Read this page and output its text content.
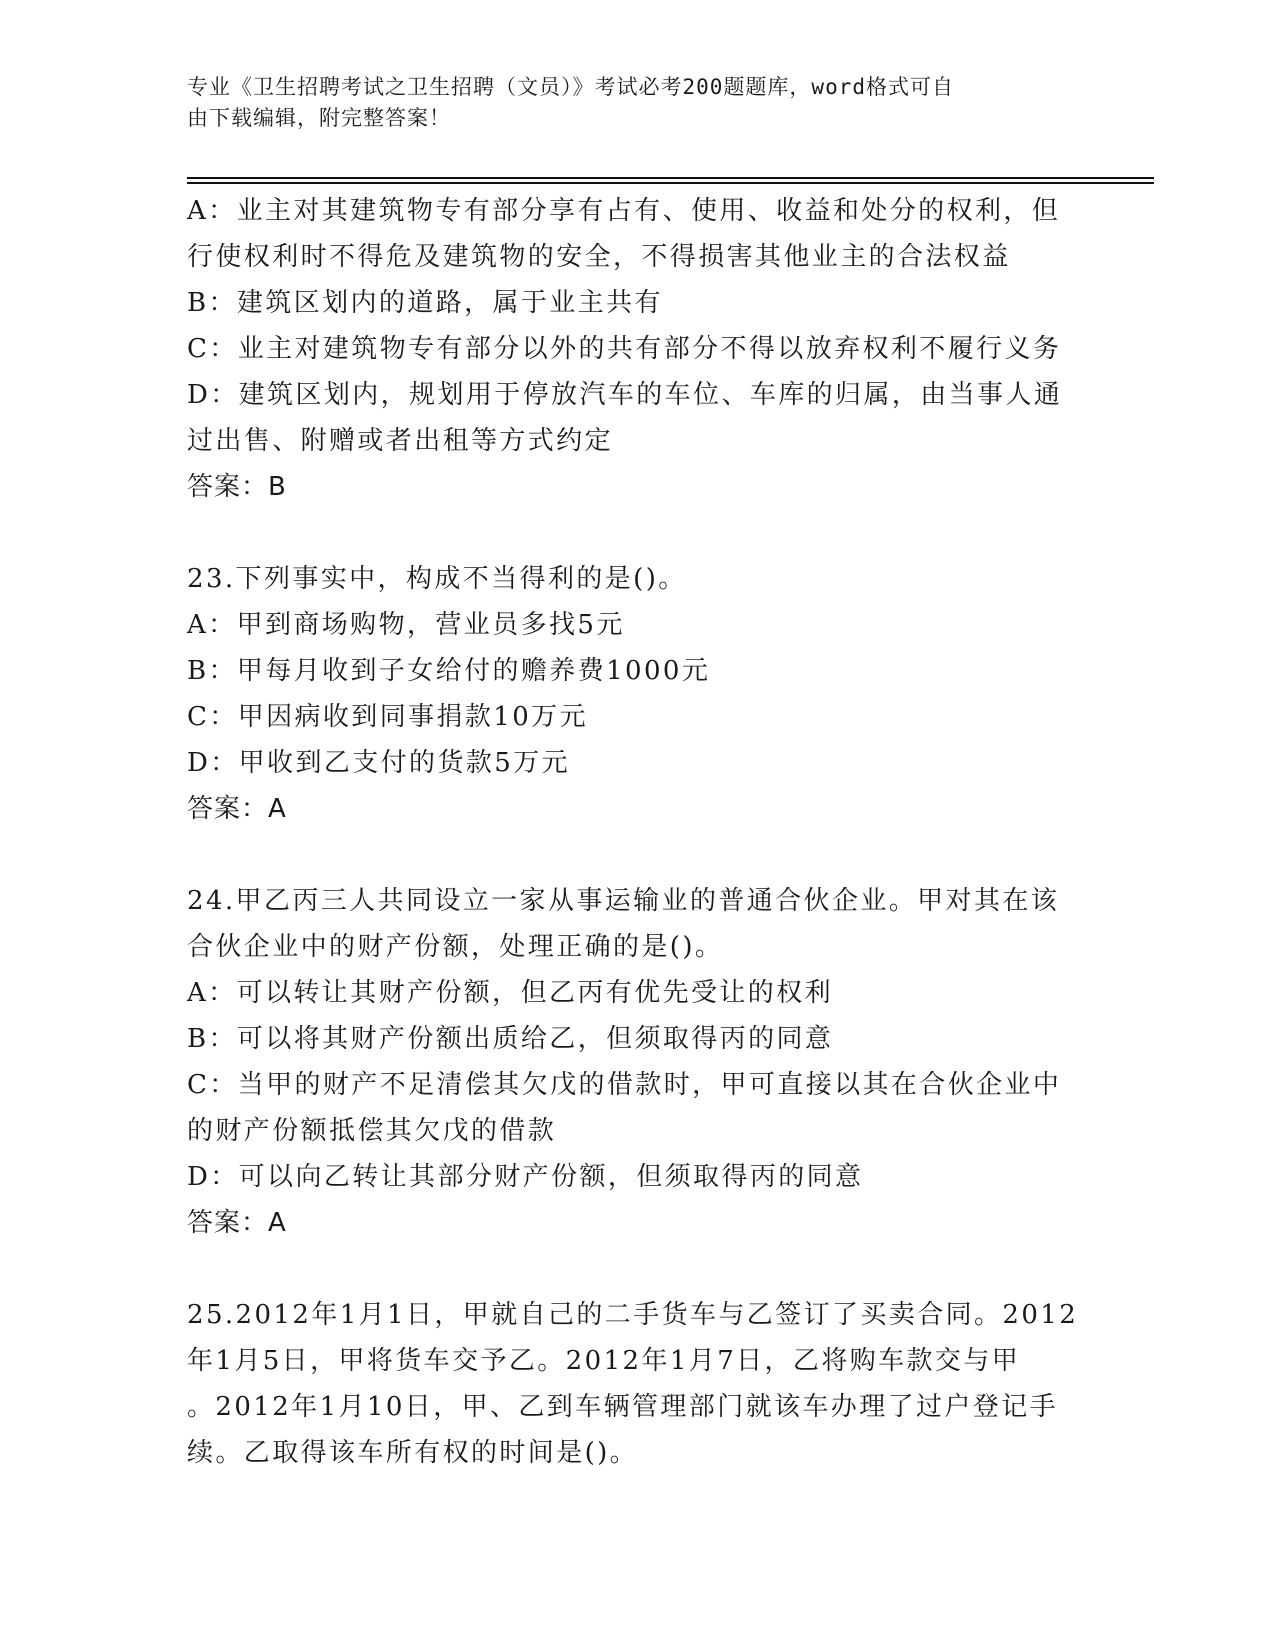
专业《卫生招聘考试之卫生招聘（文员）》考试必考200题题库，word格式可自
由下载编辑，附完整答案！
A：业主对其建筑物专有部分享有占有、使用、收益和处分的权利，但
行使权利时不得危及建筑物的安全，不得损害其他业主的合法权益
B：建筑区划内的道路，属于业主共有
C：业主对建筑物专有部分以外的共有部分不得以放弃权利不履行义务
D：建筑区划内，规划用于停放汽车的车位、车库的归属，由当事人通
过出售、附赠或者出租等方式约定
答案：B
23.下列事实中，构成不当得利的是()。
A：甲到商场购物，营业员多找5元
B：甲每月收到子女给付的赡养费1000元
C：甲因病收到同事捐款10万元
D：甲收到乙支付的货款5万元
答案：A
24.甲乙丙三人共同设立一家从事运输业的普通合伙企业。甲对其在该
合伙企业中的财产份额，处理正确的是()。
A：可以转让其财产份额，但乙丙有优先受让的权利
B：可以将其财产份额出质给乙，但须取得丙的同意
C：当甲的财产不足清偿其欠戊的借款时，甲可直接以其在合伙企业中
的财产份额抵偿其欠戊的借款
D：可以向乙转让其部分财产份额，但须取得丙的同意
答案：A
25.2012年1月1日，甲就自己的二手货车与乙签订了买卖合同。2012
年1月5日，甲将货车交予乙。2012年1月7日，乙将购车款交与甲
。2012年1月10日，甲、乙到车辆管理部门就该车办理了过户登记手
续。乙取得该车所有权的时间是()。
